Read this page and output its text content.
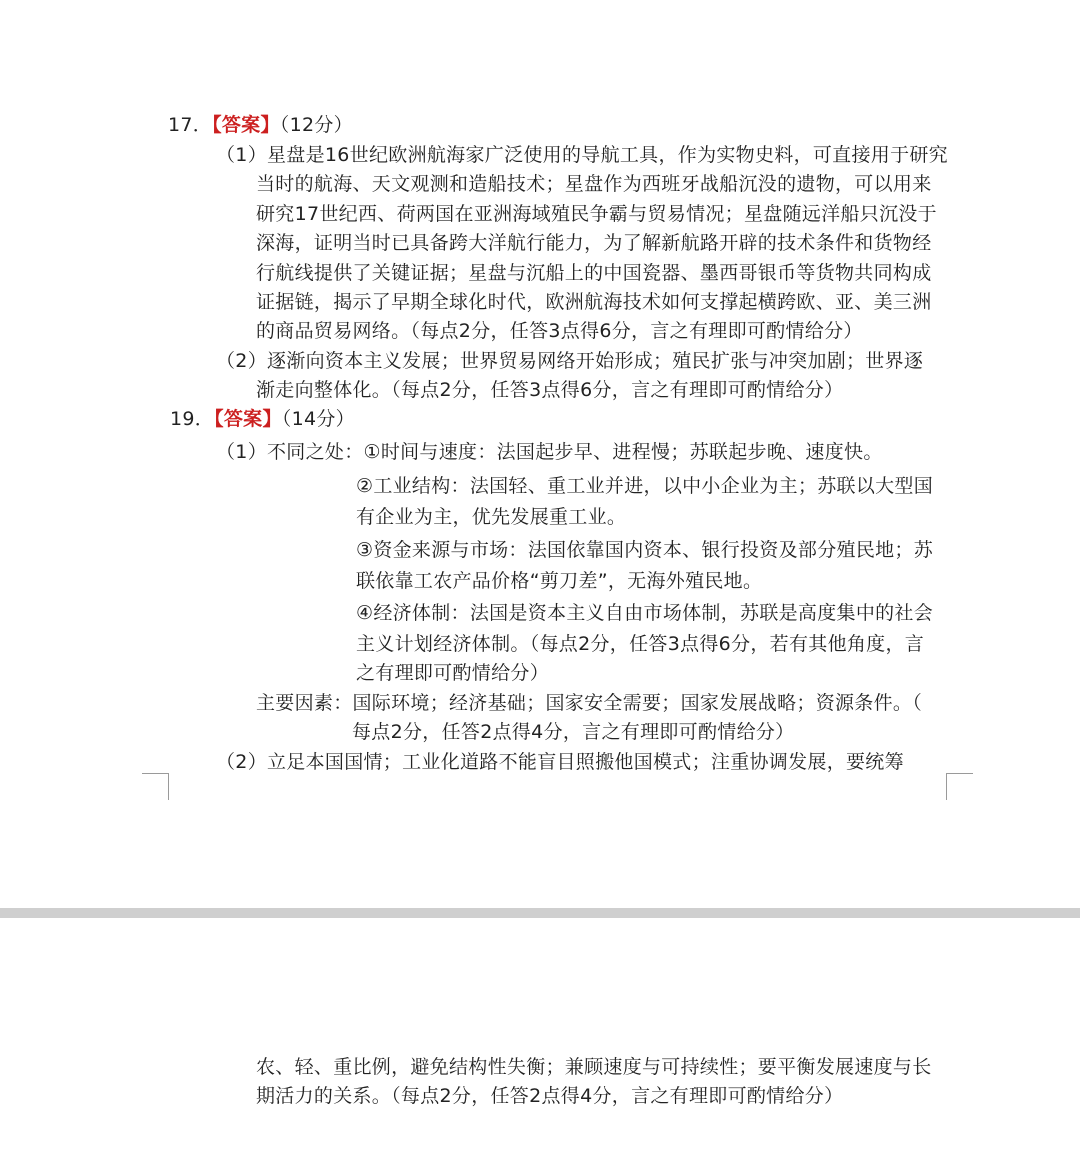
17．【答案】（12分）
（1）星盘是16世纪欧洲航海家广泛使用的导航工具，作为实物史料，可直接用于研究
当时的航海、天文观测和造船技术；星盘作为西班牙战船沉没的遗物，可以用来
研究17世纪西、荷两国在亚洲海域殖民争霸与贸易情况；星盘随远洋船只沉没于
深海，证明当时已具备跨大洋航行能力，为了解新航路开辟的技术条件和货物经
行航线提供了关键证据；星盘与沉船上的中国瓷器、墨西哥银币等货物共同构成
证据链，揭示了早期全球化时代，欧洲航海技术如何支撑起横跨欧、亚、美三洲
的商品贸易网络。（每点2分，任答3点得6分，言之有理即可酌情给分）
（2）逐渐向资本主义发展；世界贸易网络开始形成；殖民扩张与冲突加剧；世界逐
渐走向整体化。（每点2分，任答3点得6分，言之有理即可酌情给分）
19．【答案】（14分）
（1）不同之处：①时间与速度：法国起步早、进程慢；苏联起步晚、速度快。
②工业结构：法国轻、重工业并进，以中小企业为主；苏联以大型国
有企业为主，优先发展重工业。
③资金来源与市场：法国依靠国内资本、银行投资及部分殖民地；苏
联依靠工农产品价格“剪刀差”，无海外殖民地。
④经济体制：法国是资本主义自由市场体制，苏联是高度集中的社会
主义计划经济体制。（每点2分，任答3点得6分，若有其他角度，言
之有理即可酌情给分）
主要因素：国际环境；经济基础；国家安全需要；国家发展战略；资源条件。（
每点2分，任答2点得4分，言之有理即可酌情给分）
（2）立足本国国情；工业化道路不能盲目照搬他国模式；注重协调发展，要统筹
农、轻、重比例，避免结构性失衡；兼顾速度与可持续性；要平衡发展速度与长
期活力的关系。（每点2分，任答2点得4分，言之有理即可酌情给分）
